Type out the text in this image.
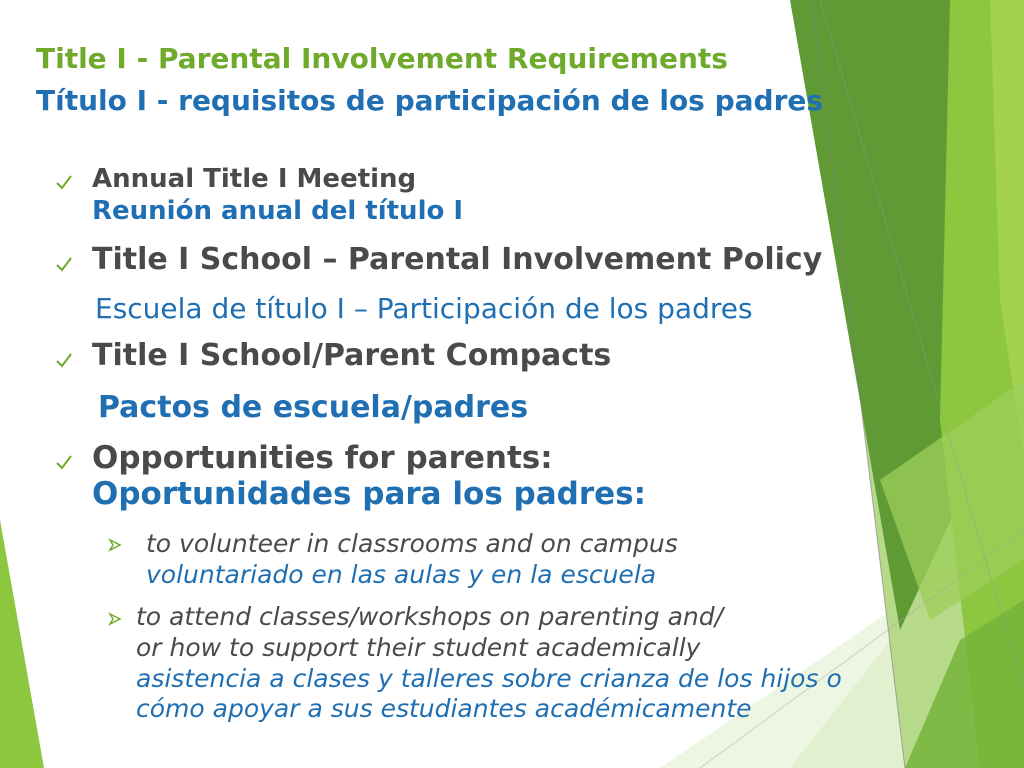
Title I - Parental Involvement Requirements

Título I - requisitos de participación de los padres

Annual Title I Meeting

Reunión anual del título I

Title I School – Parental Involvement Policy

Escuela de título I – Participación de los padres

Title I School/Parent Compacts

Pactos de escuela/padres

Opportunities for parents:

Oportunidades para los padres:

to volunteer in classrooms and on campus

voluntariado en las aulas y en la escuela

to attend classes/workshops on parenting and/

or how to support their student academically

asistencia a clases y talleres sobre crianza de los hijos o

cómo apoyar a sus estudiantes académicamente
